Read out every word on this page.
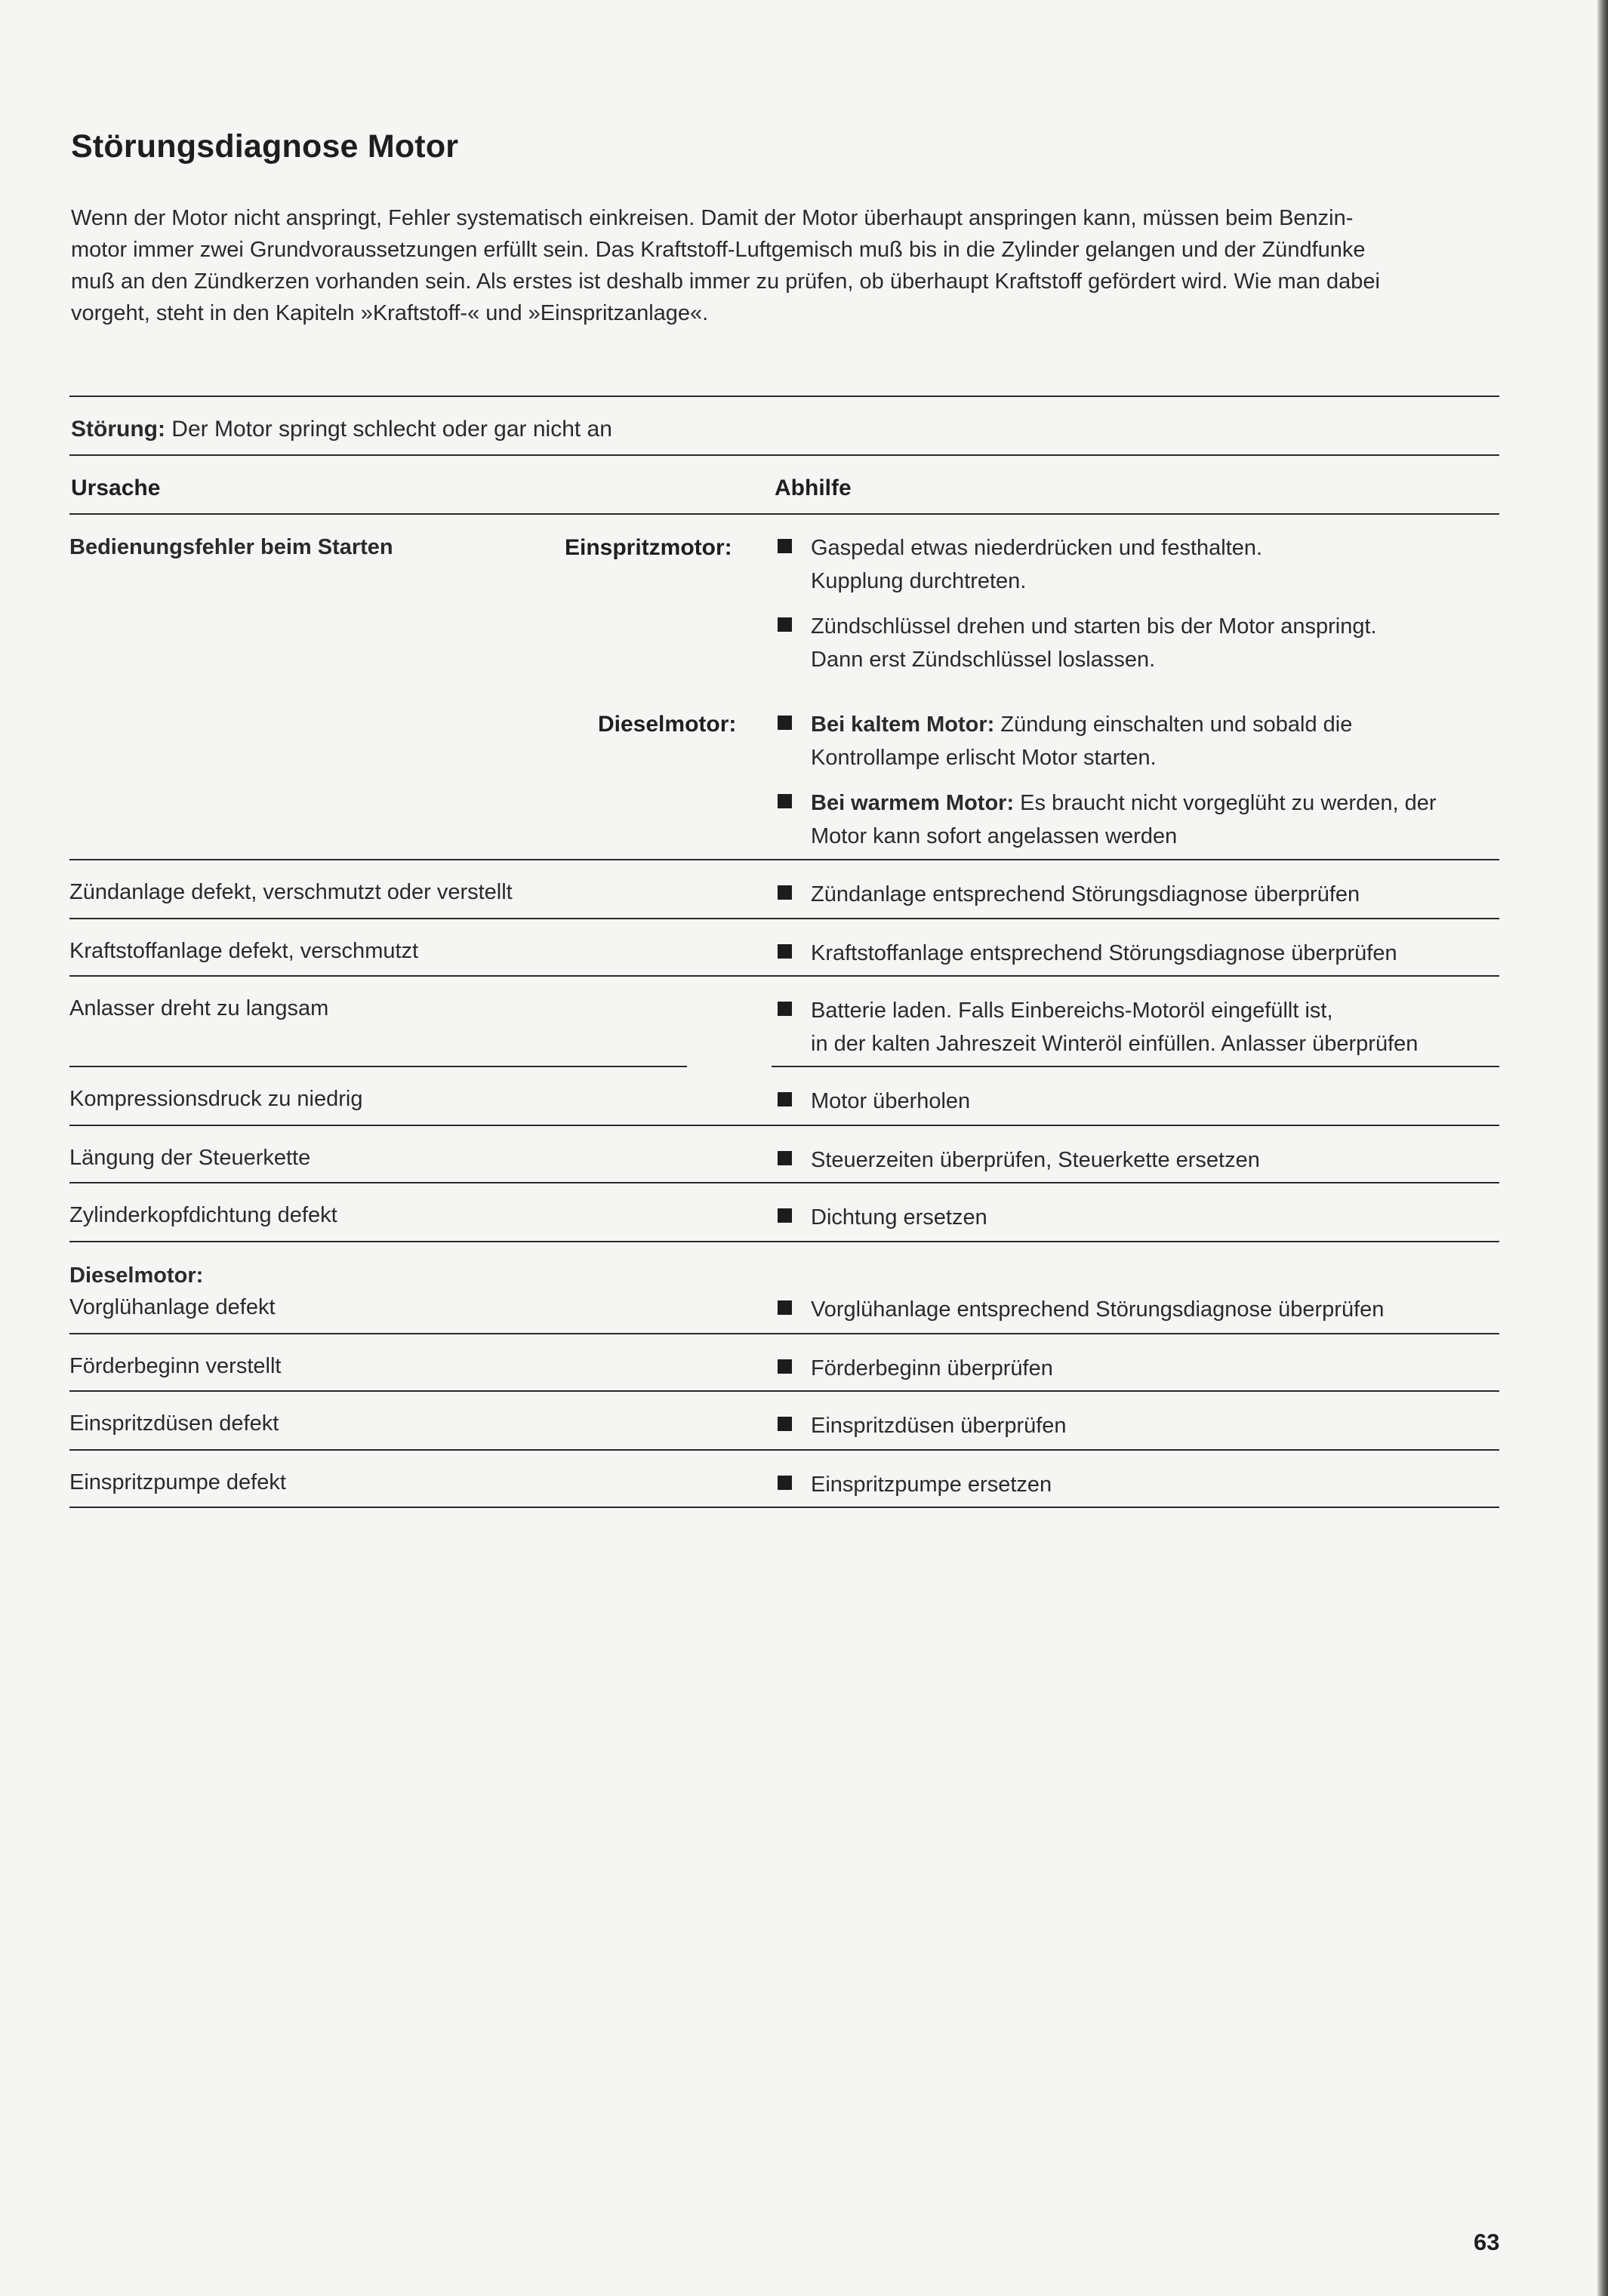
Störungsdiagnose Motor
Wenn der Motor nicht anspringt, Fehler systematisch einkreisen. Damit der Motor überhaupt anspringen kann, müssen beim Benzin-
motor immer zwei Grundvoraussetzungen erfüllt sein. Das Kraftstoff-Luftgemisch muß bis in die Zylinder gelangen und der Zündfunke
muß an den Zündkerzen vorhanden sein. Als erstes ist deshalb immer zu prüfen, ob überhaupt Kraftstoff gefördert wird. Wie man dabei
vorgeht, steht in den Kapiteln »Kraftstoff-« und »Einspritzanlage«.
Störung: Der Motor springt schlecht oder gar nicht an
Ursache	Abhilfe
Bedienungsfehler beim Starten	Einspritzmotor:	Gaspedal etwas niederdrücken und festhalten.
Kupplung durchtreten.
Zündschlüssel drehen und starten bis der Motor anspringt.
Dann erst Zündschlüssel loslassen.
Dieselmotor:	Bei kaltem Motor: Zündung einschalten und sobald die
Kontrollampe erlischt Motor starten.
Bei warmem Motor: Es braucht nicht vorgeglüht zu werden, der
Motor kann sofort angelassen werden
Zündanlage defekt, verschmutzt oder verstellt	Zündanlage entsprechend Störungsdiagnose überprüfen
Kraftstoffanlage defekt, verschmutzt	Kraftstoffanlage entsprechend Störungsdiagnose überprüfen
Anlasser dreht zu langsam	Batterie laden. Falls Einbereichs-Motoröl eingefüllt ist,
in der kalten Jahreszeit Winteröl einfüllen. Anlasser überprüfen
Kompressionsdruck zu niedrig	Motor überholen
Längung der Steuerkette	Steuerzeiten überprüfen, Steuerkette ersetzen
Zylinderkopfdichtung defekt	Dichtung ersetzen
Dieselmotor:
Vorglühanlage defekt	Vorglühanlage entsprechend Störungsdiagnose überprüfen
Förderbeginn verstellt	Förderbeginn überprüfen
Einspritzdüsen defekt	Einspritzdüsen überprüfen
Einspritzpumpe defekt	Einspritzpumpe ersetzen
63
